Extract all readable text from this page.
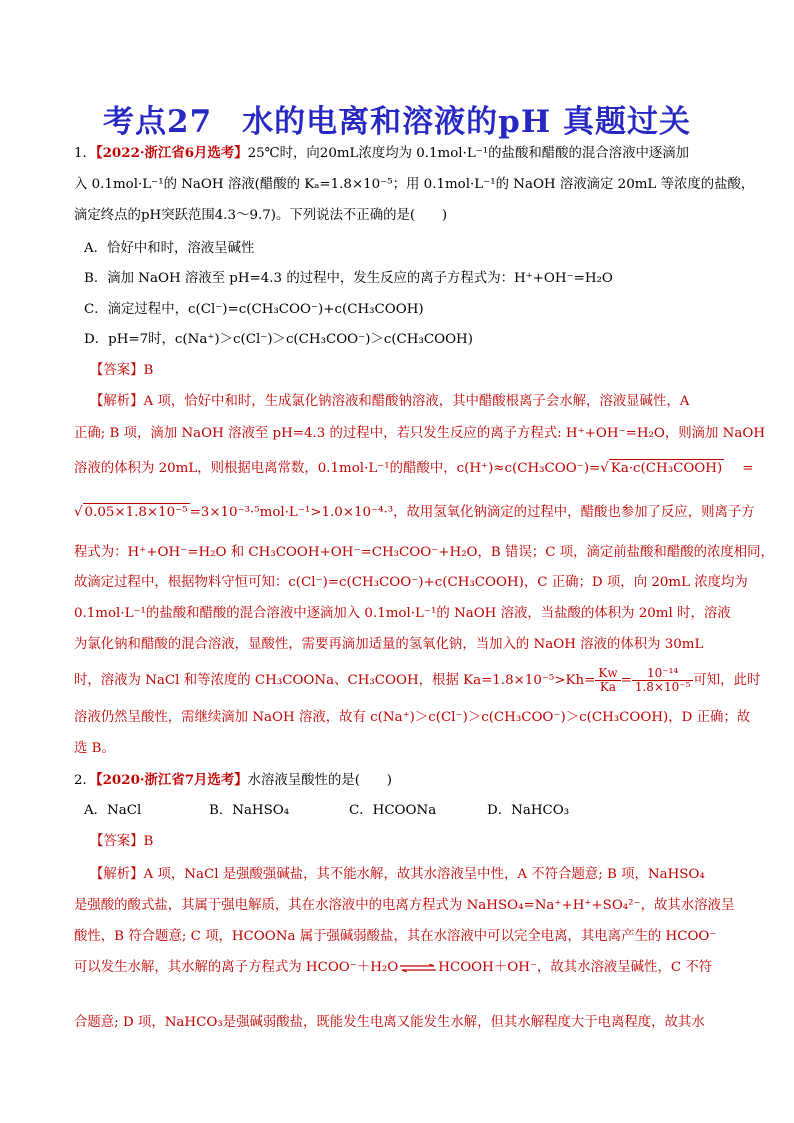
考点27 水的电离和溶液的pH 真题过关
1．【2022·浙江省6月选考】25℃时，向20mL浓度均为 0.1mol·L⁻¹的盐酸和醋酸的混合溶液中逐滴加
入 0.1mol·L⁻¹的 NaOH 溶液(醋酸的 Kₐ=1.8×10⁻⁵；用 0.1mol·L⁻¹的 NaOH 溶液滴定 20mL 等浓度的盐酸，
滴定终点的pH突跃范围4.3～9.7)。下列说法不正确的是(　　)
A．恰好中和时，溶液呈碱性
B．滴加 NaOH 溶液至 pH=4.3 的过程中，发生反应的离子方程式为：H⁺+OH⁻=H₂O
C．滴定过程中，c(Cl⁻)=c(CH₃COO⁻)+c(CH₃COOH)
D．pH=7时，c(Na⁺)＞c(Cl⁻)＞c(CH₃COO⁻)＞c(CH₃COOH)
【答案】B
【解析】A 项，恰好中和时，生成氯化钠溶液和醋酸钠溶液，其中醋酸根离子会水解，溶液显碱性，A
正确; B 项，滴加 NaOH 溶液至 pH=4.3 的过程中，若只发生反应的离子方程式: H⁺+OH⁻=H₂O，则滴加 NaOH
溶液的体积为 20mL，则根据电离常数，0.1mol·L⁻¹的醋酸中，c(H⁺)≈c(CH₃COO⁻)=√ Ka·c(CH₃COOH) =
√ 0.05×1.8×10⁻⁵ =3×10⁻³·⁵mol·L⁻¹>1.0×10⁻⁴·³，故用氢氧化钠滴定的过程中，醋酸也参加了反应，则离子方
程式为：H⁺+OH⁻=H₂O 和 CH₃COOH+OH⁻=CH₃COO⁻+H₂O，B 错误；C 项，滴定前盐酸和醋酸的浓度相同，
故滴定过程中，根据物料守恒可知：c(Cl⁻)=c(CH₃COO⁻)+c(CH₃COOH)，C 正确；D 项，向 20mL 浓度均为
0.1mol·L⁻¹的盐酸和醋酸的混合溶液中逐滴加入 0.1mol·L⁻¹的 NaOH 溶液，当盐酸的体积为 20ml 时，溶液
为氯化钠和醋酸的混合溶液，显酸性，需要再滴加适量的氢氧化钠，当加入的 NaOH 溶液的体积为 30mL
时，溶液为 NaCl 和等浓度的 CH₃COONa、CH₃COOH，根据 $Ka=1.8\times 10^{-5}>Kh= \frac{Kw}{Ka} = \frac{\text{10⁻¹⁴}}{\text{1.8×10⁻⁵}}$ 可知，此时
溶液仍然呈酸性，需继续滴加 NaOH 溶液，故有 c(Na⁺)＞c(Cl⁻)＞c(CH₃COO⁻)＞c(CH₃COOH)，D 正确；故
选 B。
2．【2020·浙江省7月选考】水溶液呈酸性的是(　　)
A．NaCl	B．NaHSO₄	C．HCOONa	D．NaHCO₃
【答案】B
【解析】A 项，NaCl 是强酸强碱盐，其不能水解，故其水溶液呈中性，A 不符合题意; B 项，NaHSO₄
是强酸的酸式盐，其属于强电解质，其在水溶液中的电离方程式为 NaHSO₄=Na⁺+H⁺+SO₄²⁻，故其水溶液呈
酸性，B 符合题意; C 项，HCOONa 属于强碱弱酸盐，其在水溶液中可以完全电离，其电离产生的 HCOO⁻
可以发生水解，其水解的离子方程式为 HCOO⁻＋H₂O⇌HCOOH＋OH⁻，故其水溶液呈碱性，C 不符
合题意; D 项，NaHCO₃是强碱弱酸盐，既能发生电离又能发生水解，但其水解程度大于电离程度，故其水
